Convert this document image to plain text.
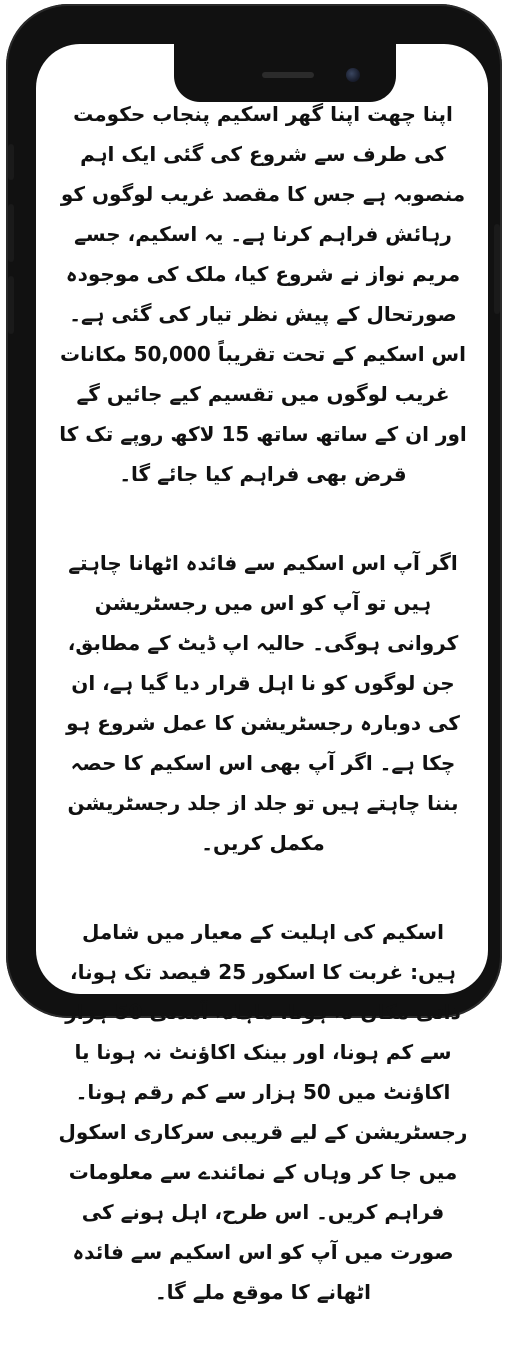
اپنا چھت اپنا گھر اسکیم پنجاب حکومت کی طرف سے شروع کی گئی ایک اہم منصوبہ ہے جس کا مقصد غریب لوگوں کو رہائش فراہم کرنا ہے۔ یہ اسکیم، جسے مریم نواز نے شروع کیا، ملک کی موجودہ صورتحال کے پیش نظر تیار کی گئی ہے۔ اس اسکیم کے تحت تقریباً 50,000 مکانات غریب لوگوں میں تقسیم کیے جائیں گے اور ان کے ساتھ ساتھ 15 لاکھ روپے تک کا قرض بھی فراہم کیا جائے گا۔

اگر آپ اس اسکیم سے فائدہ اٹھانا چاہتے ہیں تو آپ کو اس میں رجسٹریشن کروانی ہوگی۔ حالیہ اپ ڈیٹ کے مطابق، جن لوگوں کو نا اہل قرار دیا گیا ہے، ان کی دوبارہ رجسٹریشن کا عمل شروع ہو چکا ہے۔ اگر آپ بھی اس اسکیم کا حصہ بننا چاہتے ہیں تو جلد از جلد رجسٹریشن مکمل کریں۔

اسکیم کی اہلیت کے معیار میں شامل ہیں: غربت کا اسکور 25 فیصد تک ہونا، ذاتی مکان نہ ہونا، ماہانہ آمدنی 50 ہزار سے کم ہونا، اور بینک اکاؤنٹ نہ ہونا یا اکاؤنٹ میں 50 ہزار سے کم رقم ہونا۔ رجسٹریشن کے لیے قریبی سرکاری اسکول میں جا کر وہاں کے نمائندے سے معلومات فراہم کریں۔ اس طرح، اہل ہونے کی صورت میں آپ کو اس اسکیم سے فائدہ اٹھانے کا موقع ملے گا۔
